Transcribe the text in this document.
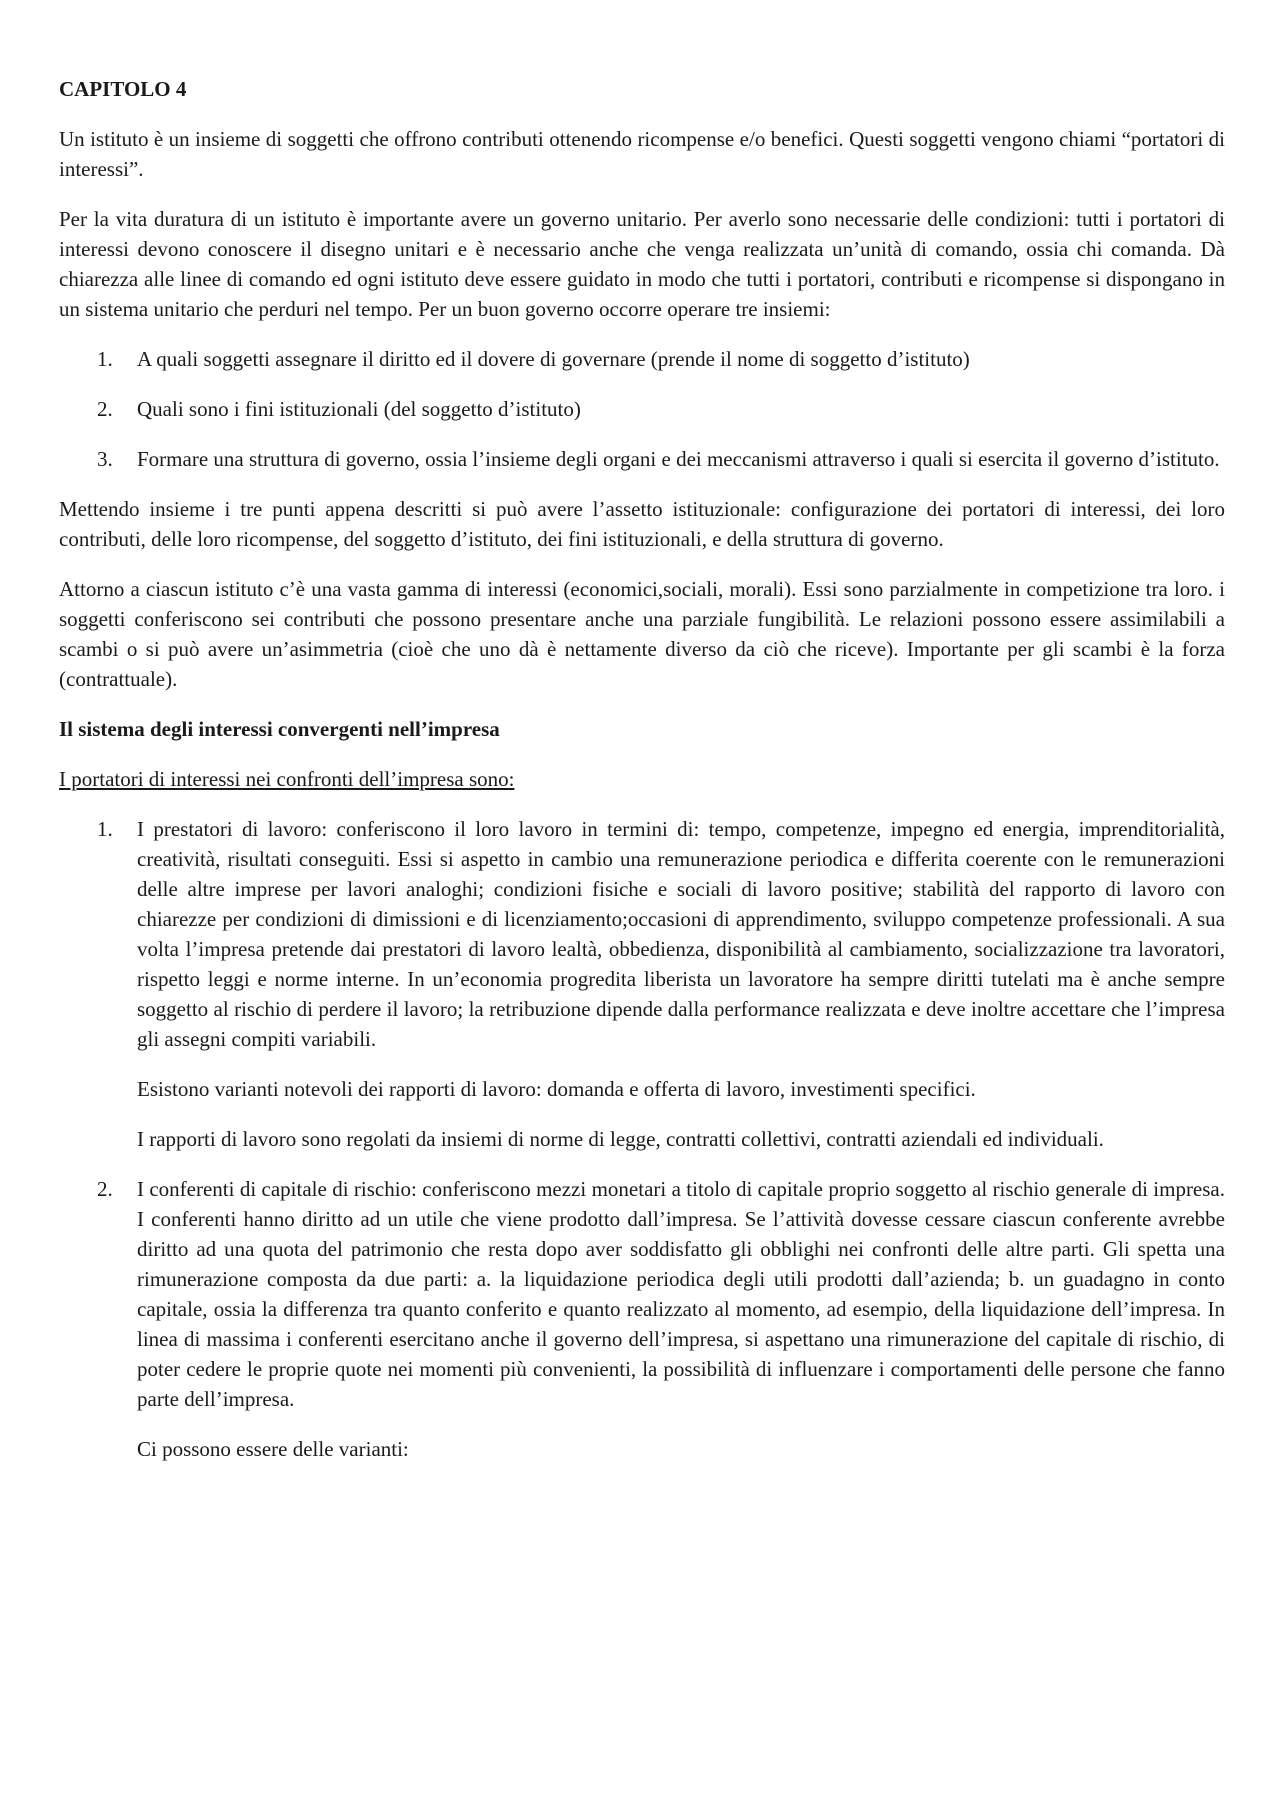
CAPITOLO 4

Un istituto è un insieme di soggetti che offrono contributi ottenendo ricompense e/o benefici. Questi soggetti vengono chiami “portatori di interessi”.

Per la vita duratura di un istituto è importante avere un governo unitario. Per averlo sono necessarie delle condizioni: tutti i portatori di interessi devono conoscere il disegno unitari e è necessario anche che venga realizzata un’unità di comando, ossia chi comanda. Dà chiarezza alle linee di comando ed ogni istituto deve essere guidato in modo che tutti i portatori, contributi e ricompense si dispongano in un sistema unitario che perduri nel tempo. Per un buon governo occorre operare tre insiemi:

1. A quali soggetti assegnare il diritto ed il dovere di governare (prende il nome di soggetto d’istituto)
2. Quali sono i fini istituzionali (del soggetto d’istituto)
3. Formare una struttura di governo, ossia l’insieme degli organi e dei meccanismi attraverso i quali si esercita il governo d’istituto.

Mettendo insieme i tre punti appena descritti si può avere l’assetto istituzionale: configurazione dei portatori di interessi, dei loro contributi, delle loro ricompense, del soggetto d’istituto, dei fini istituzionali, e della struttura di governo.

Attorno a ciascun istituto c’è una vasta gamma di interessi (economici,sociali, morali). Essi sono parzialmente in competizione tra loro. i soggetti conferiscono sei contributi che possono presentare anche una parziale fungibilità. Le relazioni possono essere assimilabili a scambi o si può avere un’asimmetria (cioè che uno dà è nettamente diverso da ciò che riceve). Importante per gli scambi è la forza (contrattuale).

Il sistema degli interessi convergenti nell’impresa
I portatori di interessi nei confronti dell’impresa sono:
1. I prestatori di lavoro: conferiscono il loro lavoro in termini di: tempo, competenze, impegno ed energia, imprenditorialità, creatività, risultati conseguiti. Essi si aspetto in cambio una remunerazione periodica e differita coerente con le remunerazioni delle altre imprese per lavori analoghi; condizioni fisiche e sociali di lavoro positive; stabilità del rapporto di lavoro con chiarezze per condizioni di dimissioni e di licenziamento;occasioni di apprendimento, sviluppo competenze professionali. A sua volta l’impresa pretende dai prestatori di lavoro lealtà, obbedienza, disponibilità al cambiamento, socializzazione tra lavoratori, rispetto leggi e norme interne. In un’economia progredita liberista un lavoratore ha sempre diritti tutelati ma è anche sempre soggetto al rischio di perdere il lavoro; la retribuzione dipende dalla performance realizzata e deve inoltre accettare che l’impresa gli assegni compiti variabili.
Esistono varianti notevoli dei rapporti di lavoro: domanda e offerta di lavoro, investimenti specifici.
I rapporti di lavoro sono regolati da insiemi di norme di legge, contratti collettivi, contratti aziendali ed individuali.
2. I conferenti di capitale di rischio: conferiscono mezzi monetari a titolo di capitale proprio soggetto al rischio generale di impresa. I conferenti hanno diritto ad un utile che viene prodotto dall’impresa. Se l’attività dovesse cessare ciascun conferente avrebbe diritto ad una quota del patrimonio che resta dopo aver soddisfatto gli obblighi nei confronti delle altre parti. Gli spetta una rimunerazione composta da due parti: a. la liquidazione periodica degli utili prodotti dall’azienda; b. un guadagno in conto capitale, ossia la differenza tra quanto conferito e quanto realizzato al momento, ad esempio, della liquidazione dell’impresa. In linea di massima i conferenti esercitano anche il governo dell’impresa, si aspettano una rimunerazione del capitale di rischio, di poter cedere le proprie quote nei momenti più convenienti, la possibilità di influenzare i comportamenti delle persone che fanno parte dell’impresa.
Ci possono essere delle varianti:
